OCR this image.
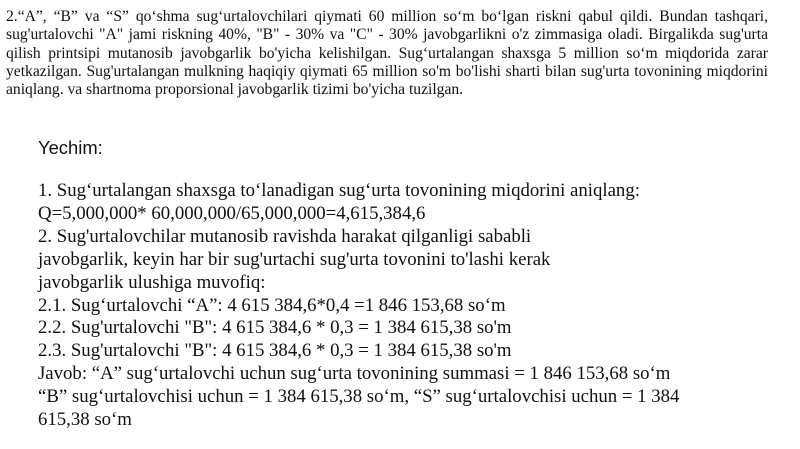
2.“A”, “B” va “S” qo‘shma sug‘urtalovchilari qiymati 60 million so‘m bo‘lgan riskni qabul qildi. Bundan tashqari, sug'urtalovchi "A" jami riskning 40%, "B" - 30% va "C" - 30% javobgarlikni o'z zimmasiga oladi. Birgalikda sug'urta qilish printsipi mutanosib javobgarlik bo'yicha kelishilgan. Sug‘urtalangan shaxsga 5 million so‘m miqdorida zarar yetkazilgan. Sug'urtalangan mulkning haqiqiy qiymati 65 million so'm bo'lishi sharti bilan sug'urta tovonining miqdorini aniqlang. va shartnoma proporsional javobgarlik tizimi bo'yicha tuzilgan.

Yechim:

1. Sug‘urtalangan shaxsga to‘lanadigan sug‘urta tovonining miqdorini aniqlang:
Q=5,000,000* 60,000,000/65,000,000=4,615,384,6
2. Sug'urtalovchilar mutanosib ravishda harakat qilganligi sababli
javobgarlik, keyin har bir sug'urtachi sug'urta tovonini to'lashi kerak
javobgarlik ulushiga muvofiq:
2.1. Sug‘urtalovchi “A”: 4 615 384,6*0,4 =1 846 153,68 so‘m
2.2. Sug'urtalovchi "B": 4 615 384,6 * 0,3 = 1 384 615,38 so'm
2.3. Sug'urtalovchi "B": 4 615 384,6 * 0,3 = 1 384 615,38 so'm
Javob: “A” sug‘urtalovchi uchun sug‘urta tovonining summasi = 1 846 153,68 so‘m
“B” sug‘urtalovchisi uchun = 1 384 615,38 so‘m, “S” sug‘urtalovchisi uchun = 1 384
615,38 so‘m
